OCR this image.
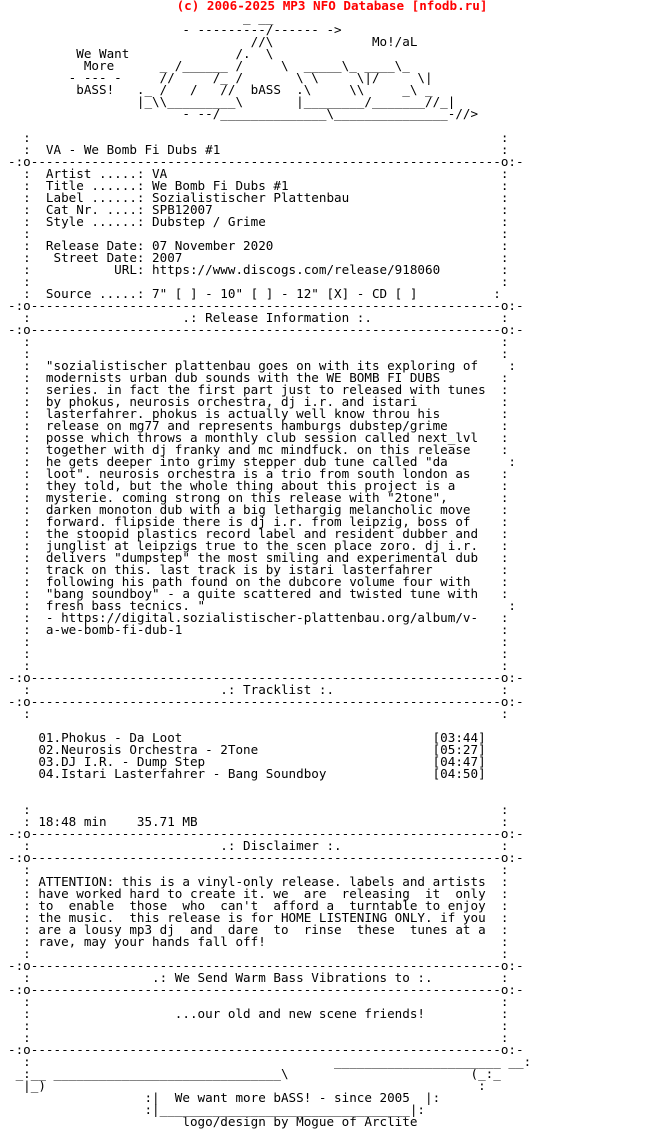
(c) 2006-2025 MP3 NFO Database [nfodb.ru]

_ __
- ---------/------ ->
//\             Mo!/aL
We Want              /.  \
More      _ /______ /     \  _____\_ ____\_
- --- -     //     /_ /       \ \     \|/     \|
bASS!   ._ /   /   //  bASS  .\     \\     _\ _
|_\\_________\       |________/_______//_|
- --/______________\_______________-//>

:                                                              :
:  VA - We Bomb Fi Dubs #1                                     :
-:o--------------------------------------------------------------o:-
:  Artist .....: VA                                            :
:  Title ......: We Bomb Fi Dubs #1                            :
:  Label ......: Sozialistischer Plattenbau                    :
:  Cat Nr. ....: SPB12007                                      :
:  Style ......: Dubstep / Grime                               :
:                                                              :
:  Release Date: 07 November 2020                              :
:   Street Date: 2007                                          :
:           URL: https://www.discogs.com/release/918060        :
:                                                              :
:  Source .....: 7" [ ] - 10" [ ] - 12" [X] - CD [ ]          :
-:o--------------------------------------------------------------o:-
:                    .: Release Information :.                 :
-:o--------------------------------------------------------------o:-
:                                                              :
:                                                              :
:  "sozialistischer plattenbau goes on with its exploring of    :
:  modernists urban dub sounds with the WE BOMB FI DUBS        :
:  series. in fact the first part just to released with tunes  :
:  by phokus, neurosis orchestra, dj i.r. and istari           :
:  lasterfahrer. phokus is actually well know throu his        :
:  release on mg77 and represents hamburgs dubstep/grime       :
:  posse which throws a monthly club session called next_lvl   :
:  together with dj franky and mc mindfuck. on this release    :
:  he gets deeper into grimy stepper dub tune called "da        :
:  loot". neurosis orchestra is a trio from south london as    :
:  they told, but the whole thing about this project is a      :
:  mysterie. coming strong on this release with "2tone",       :
:  darken monoton dub with a big lethargig melancholic move    :
:  forward. flipside there is dj i.r. from leipzig, boss of    :
:  the stoopid plastics record label and resident dubber and   :
:  junglist at leipzigs true to the scen place zoro. dj i.r.   :
:  delivers "dumpstep" the most smiling and experimental dub   :
:  track on this. last track is by istari lasterfahrer         :
:  following his path found on the dubcore volume four with    :
:  "bang soundboy" - a quite scattered and twisted tune with   :
:  fresh bass tecnics. "                                        :
:  - https://digital.sozialistischer-plattenbau.org/album/v-   :
:  a-we-bomb-fi-dub-1                                          :
:                                                              :
:                                                              :
:                                                              :
-:o--------------------------------------------------------------o:-
:                         .: Tracklist :.                      :
-:o--------------------------------------------------------------o:-
:                                                              :

01.Phokus - Da Loot                                 [03:44]
02.Neurosis Orchestra - 2Tone                       [05:27]
03.DJ I.R. - Dump Step                              [04:47]
04.Istari Lasterfahrer - Bang Soundboy              [04:50]

:                                                              :
: 18:48 min    35.71 MB                                        :
-:o--------------------------------------------------------------o:-
:                         .: Disclaimer :.                     :
-:o--------------------------------------------------------------o:-
:                                                              :
: ATTENTION: this is a vinyl-only release. labels and artists  :
: have worked hard to create it. we  are  releasing  it  only  :
: to  enable  those  who  can't  afford a  turntable to enjoy  :
: the music.  this release is for HOME LISTENING ONLY. if you  :
: are a lousy mp3 dj  and  dare  to  rinse  these  tunes at a  :
: rave, may your hands fall off!                               :
:                                                              :
-:o--------------------------------------------------------------o:-
:                .: We Send Warm Bass Vibrations to :.         :
-:o--------------------------------------------------------------o:-
:                                                              :
:                   ...our old and new scene friends!          :
:                                                              :
:                                                              :
-:o--------------------------------------------------------------o:-
:                                        ______________________ __:
_:__ ______________________________\                        (_:_
|_)                                                         :
:|  We want more bASS! - since 2005  |:
:|_________________________________|:
logo/design by Mogue of Arclite
